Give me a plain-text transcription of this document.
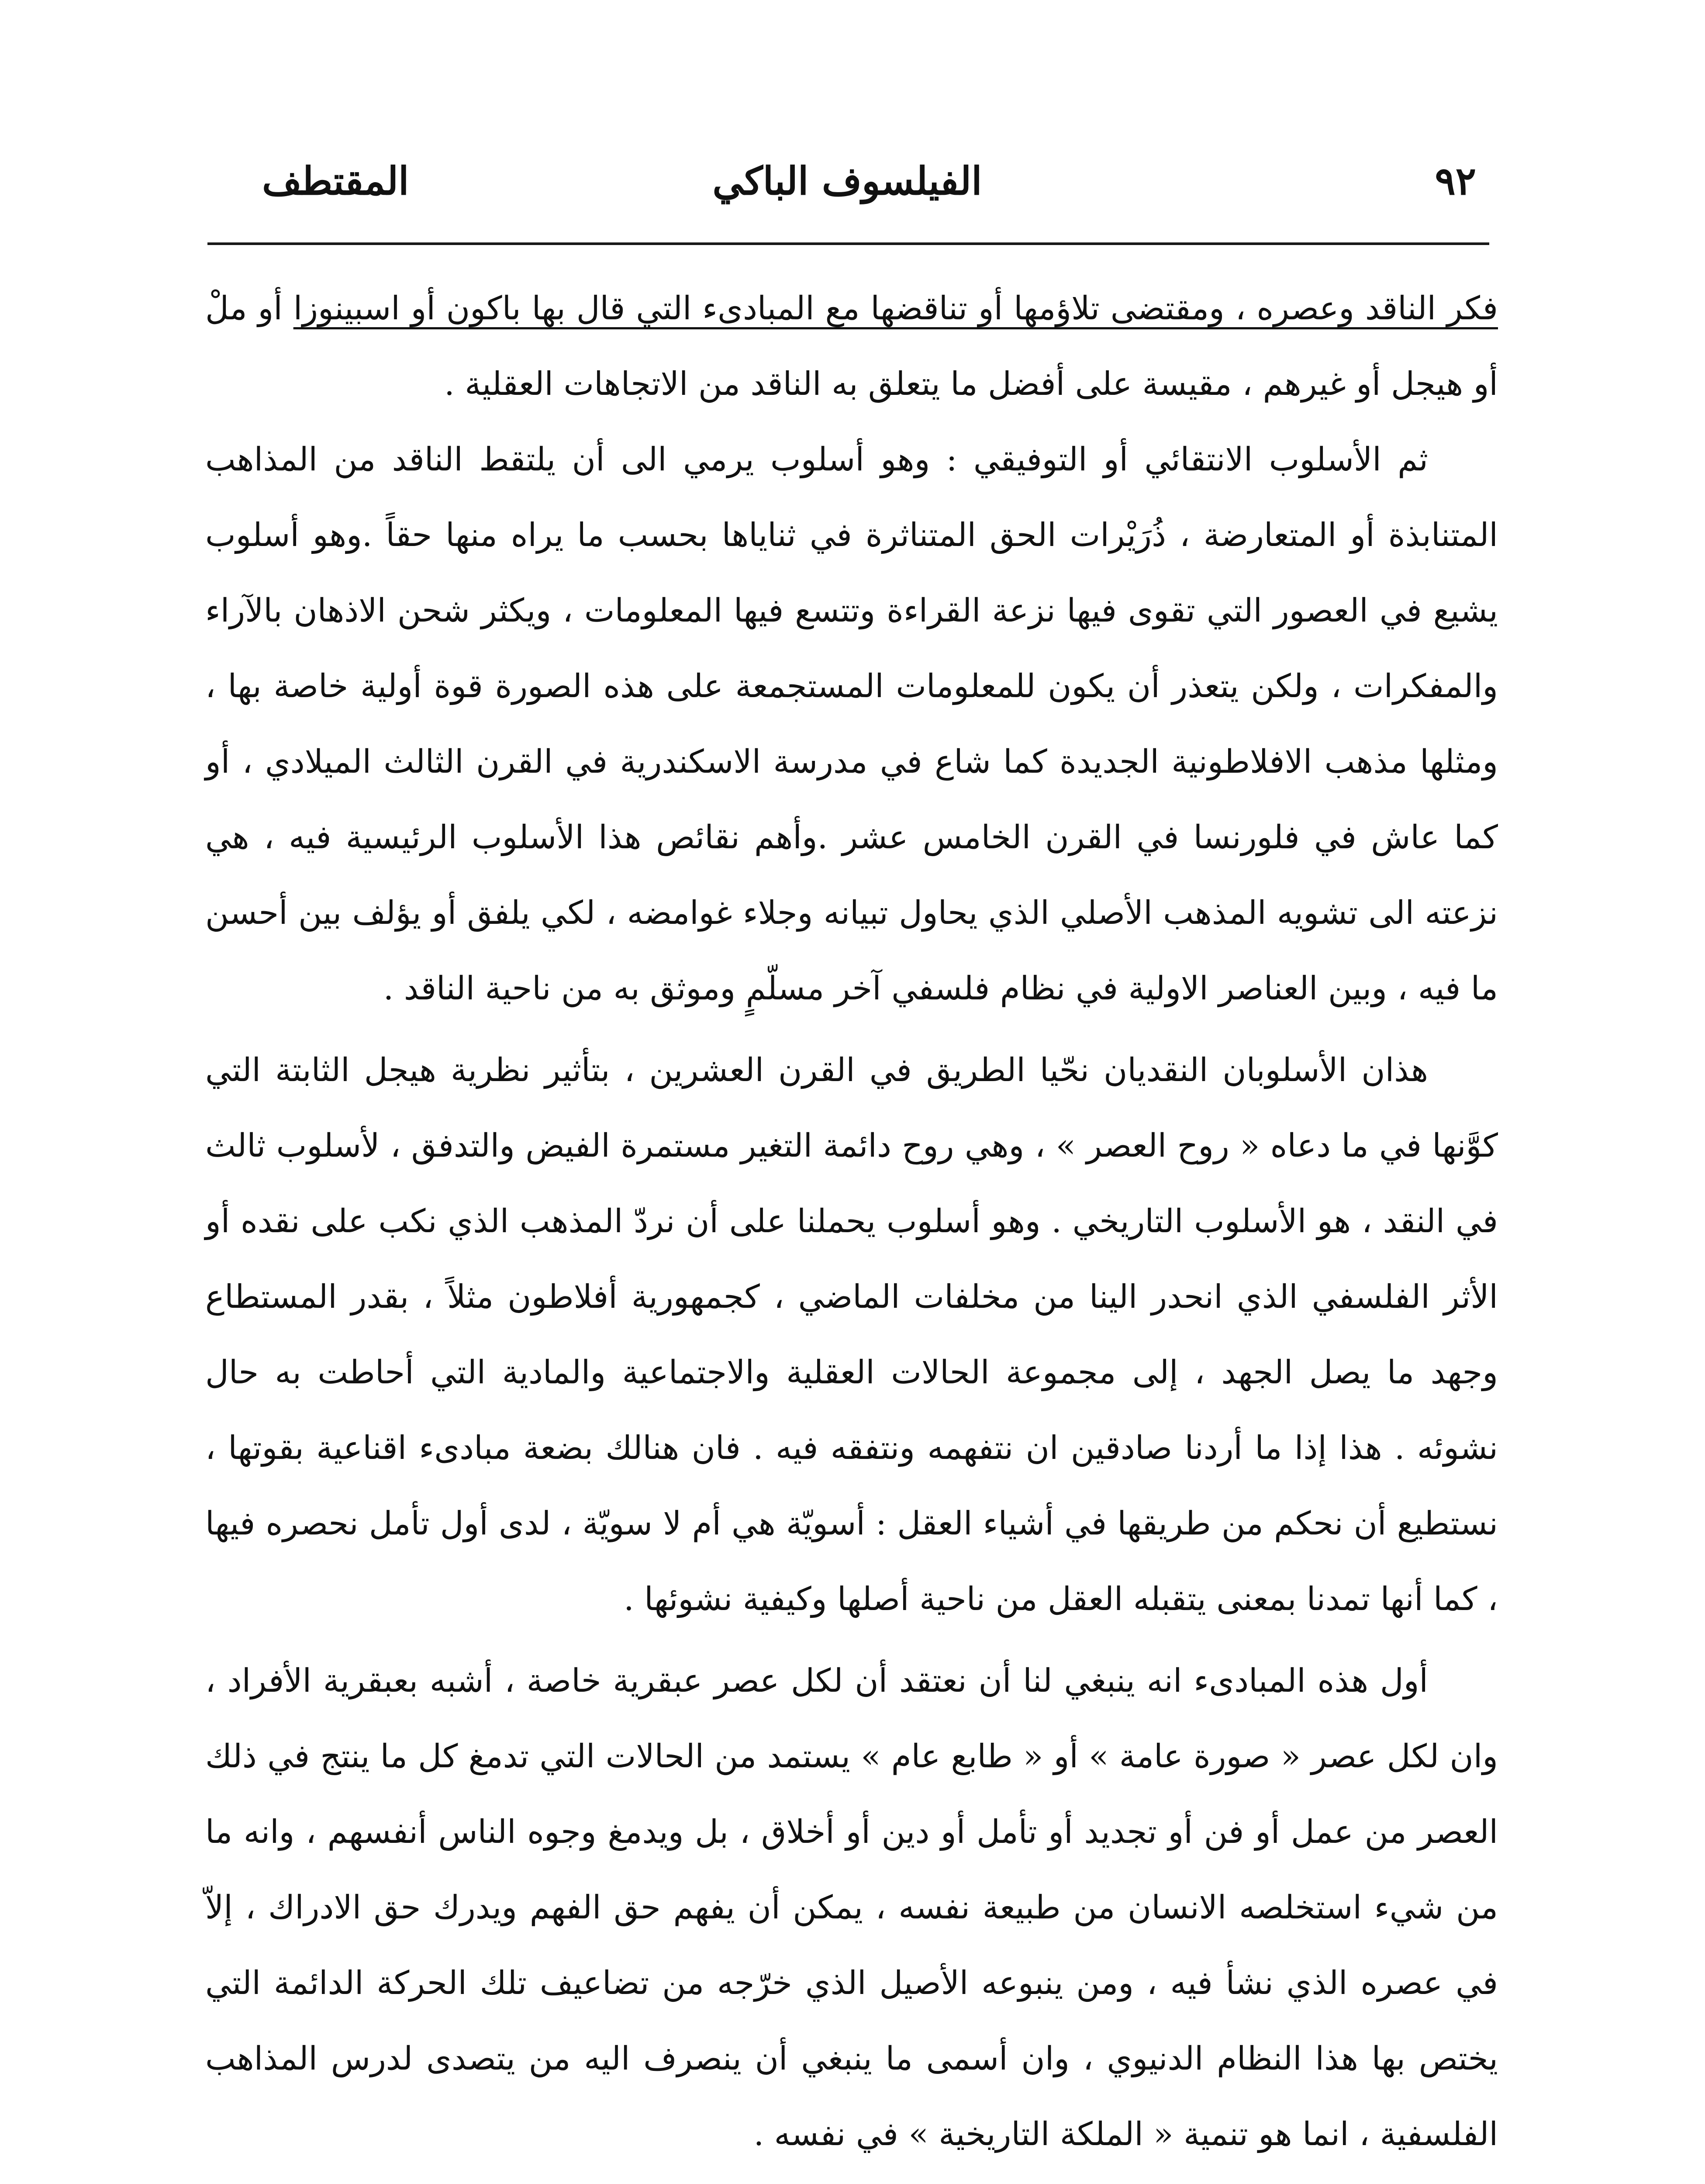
٩٢
الفيلسوف الباكي
المقتطف

فكر الناقد وعصره ، ومقتضى تلاؤمها أو تناقضها مع المبادىء التي قال بها باكون أو اسبينوزا أو ملْ أو هيجل أو غيرهم ، مقيسة على أفضل ما يتعلق به الناقد من الاتجاهات العقلية .

ثم الأسلوب الانتقائي أو التوفيقي : وهو أسلوب يرمي الى أن يلتقط الناقد من المذاهب المتنابذة أو المتعارضة ، ذُرَيْرات الحق المتناثرة في ثناياها بحسب ما يراه منها حقاً .وهو أسلوب يشيع في العصور التي تقوى فيها نزعة القراءة وتتسع فيها المعلومات ، ويكثر شحن الاذهان بالآراء والمفكرات ، ولكن يتعذر أن يكون للمعلومات المستجمعة على هذه الصورة قوة أولية خاصة بها ، ومثلها مذهب الافلاطونية الجديدة كما شاع في مدرسة الاسكندرية في القرن الثالث الميلادي ، أو كما عاش في فلورنسا في القرن الخامس عشر .وأهم نقائص هذا الأسلوب الرئيسية فيه ، هي نزعته الى تشويه المذهب الأصلي الذي يحاول تبيانه وجلاء غوامضه ، لكي يلفق أو يؤلف بين أحسن ما فيه ، وبين العناصر الاولية في نظام فلسفي آخر مسلّمٍ وموثق به من ناحية الناقد .

هذان الأسلوبان النقديان نحّيا الطريق في القرن العشرين ، بتأثير نظرية هيجل الثابتة التي كوَّنها في ما دعاه « روح العصر » ، وهي روح دائمة التغير مستمرة الفيض والتدفق ، لأسلوب ثالث في النقد ، هو الأسلوب التاريخي . وهو أسلوب يحملنا على أن نردّ المذهب الذي نكب على نقده أو الأثر الفلسفي الذي انحدر الينا من مخلفات الماضي ، كجمهورية أفلاطون مثلاً ، بقدر المستطاع وجهد ما يصل الجهد ، إلى مجموعة الحالات العقلية والاجتماعية والمادية التي أحاطت به حال نشوئه . هذا إذا ما أردنا صادقين ان نتفهمه ونتفقه فيه . فان هنالك بضعة مبادىء اقناعية بقوتها ، نستطيع أن نحكم من طريقها في أشياء العقل : أسويّة هي أم لا سويّة ، لدى أول تأمل نحصره فيها ، كما أنها تمدنا بمعنى يتقبله العقل من ناحية أصلها وكيفية نشوئها .

أول هذه المبادىء انه ينبغي لنا أن نعتقد أن لكل عصر عبقرية خاصة ، أشبه بعبقرية الأفراد ، وان لكل عصر « صورة عامة » أو « طابع عام » يستمد من الحالات التي تدمغ كل ما ينتج في ذلك العصر من عمل أو فن أو تجديد أو تأمل أو دين أو أخلاق ، بل ويدمغ وجوه الناس أنفسهم ، وانه ما من شيء استخلصه الانسان من طبيعة نفسه ، يمكن أن يفهم حق الفهم ويدرك حق الادراك ، إلاّ في عصره الذي نشأ فيه ، ومن ينبوعه الأصيل الذي خرّجه من تضاعيف تلك الحركة الدائمة التي يختص بها هذا النظام الدنيوي ، وان أسمى ما ينبغي أن ينصرف اليه من يتصدى لدرس المذاهب الفلسفية ، انما هو تنمية « الملكة التاريخية » في نفسه .
